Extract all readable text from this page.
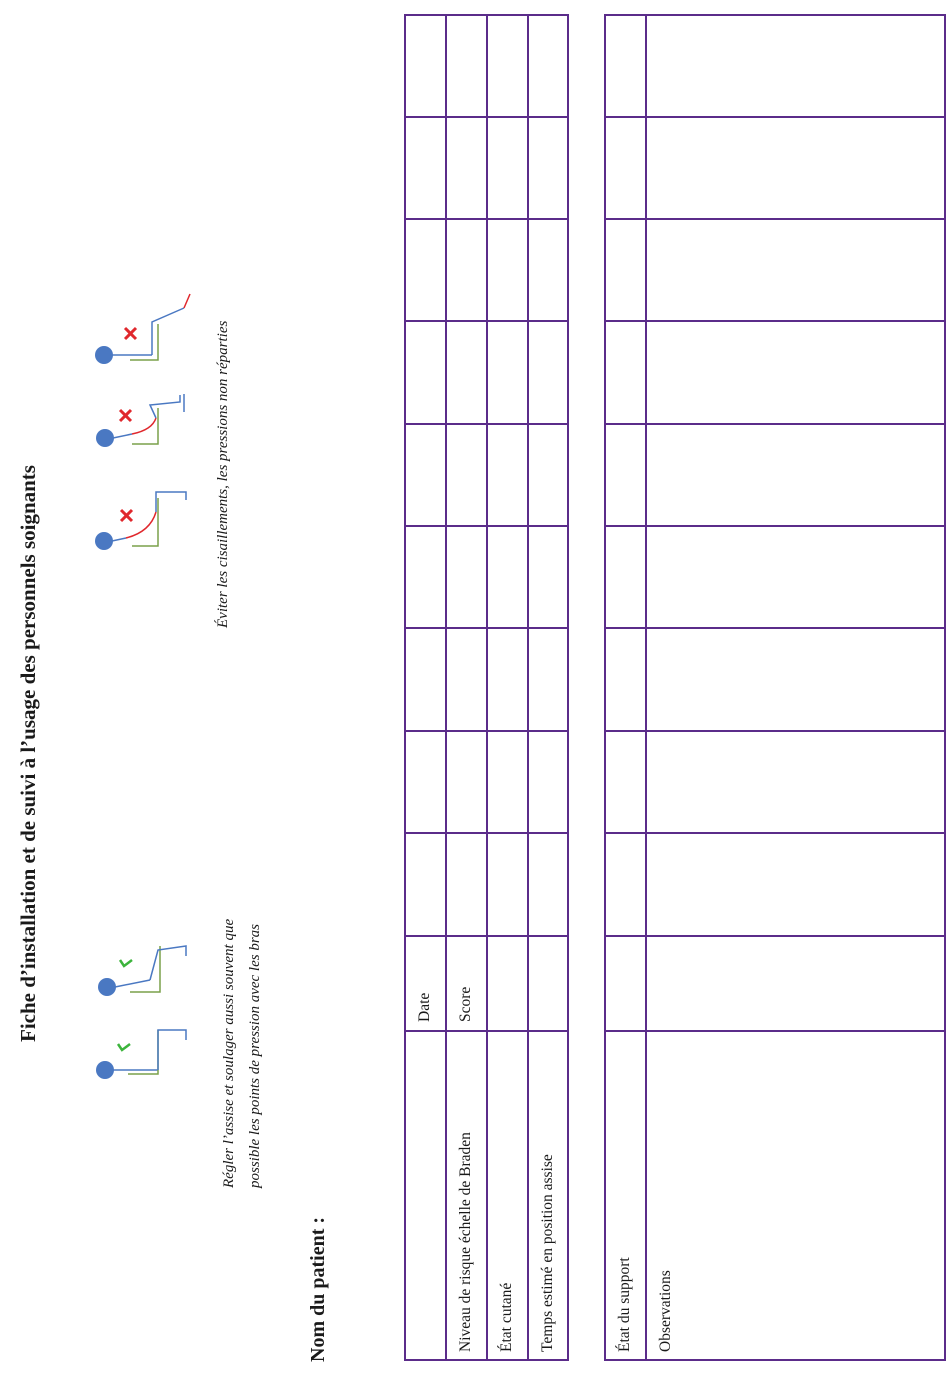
Fiche d’installation et de suivi à l’usage des personnels soignants
Régler l’assise et soulager aussi souvent que possible les points de pression avec les bras
Éviter les cisaillements, les pressions non réparties
Nom du patient :
Date Score
Niveau de risque échelle de Braden État cutané Temps estimé en position assise	État du support Observations
